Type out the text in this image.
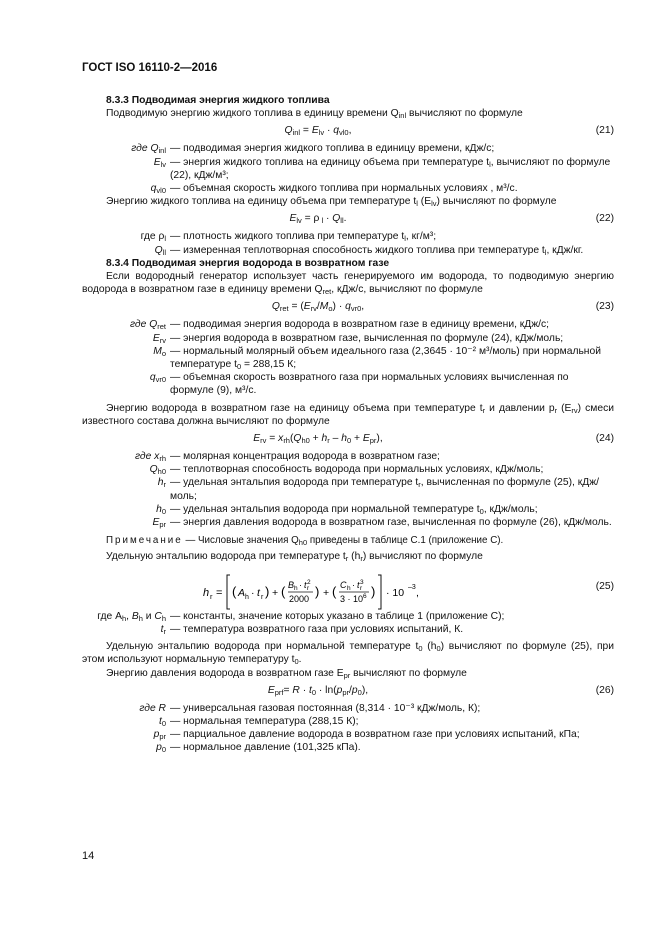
ГОСТ ISO 16110-2—2016

8.3.3 Подводимая энергия жидкого топлива

Подводимую энергию жидкого топлива в единицу времени $Q_{inl}$ вычисляют по формуле

$Q_{inl} = E_{lv} \cdot q_{vl0}$,	(21)
где $Q_{inl}$ — подводимая энергия жидкого топлива в единицу времени, кДж/с;
$E_{lv}$ — энергия жидкого топлива на единицу объема при температуре $t_l$, вычисляют по формуле (22), кДж/м³;
$q_{vl0}$ — объемная скорость жидкого топлива при нормальных условиях , м³/с.

Энергию жидкого топлива на единицу объема при температуре $t_l$ $(E_{lv})$ вычисляют по формуле

$E_{lv} = \rho$ $_l \cdot Q_{ll}$.	(22)
где $\rho_l$ — плотность жидкого топлива при температуре $t_l$, кг/м³;
$Q_{ll}$ — измеренная теплотворная способность жидкого топлива при температуре $t_l$, кДж/кг.

8.3.4 Подводимая энергия водорода в возвратном газе

Если водородный генератор использует часть генерируемого им водорода, то подводимую энергию водорода в возвратном газе в единицу времени $Q_{ret}$, кДж/с, вычисляют по формуле

$Q_{ret} = (E_{rv}/M_o) \cdot q_{vr0}$,	(23)
где $Q_{ret}$ — подводимая энергия водорода в возвратном газе в единицу времени, кДж/с;
$E_{rv}$ — энергия водорода в возвратном газе, вычисленная по формуле (24), кДж/моль;
$M_o$ — нормальный молярный объем идеального газа (2,3645 · 10⁻² м³/моль) при нормальной температуре $t_0 = 288,15$ К;
$q_{vr0}$ — объемная скорость возвратного газа при нормальных условиях вычисленная по формуле (9), м³/с.

Энергию водорода в возвратном газе на единицу объема при температуре $t_r$ и давлении $p_r$ $(E_{rv})$ смеси известного состава должна вычисляют по формуле

$E_{rv} = x_{rh}(Q_{h0} + h_r - h_0 + E_{pr})$,	(24)
где $x_{rh}$ — молярная концентрация водорода в возвратном газе;
$Q_{h0}$ — теплотворная способность водорода при нормальных условиях, кДж/моль;
$h_r$ — удельная энтальпия водорода при температуре $t_r$, вычисленная по формуле (25), кДж/моль;
$h_0$ — удельная энтальпия водорода при нормальной температуре $t_0$, кДж/моль;
$E_{pr}$ — энергия давления водорода в возвратном газе, вычисленная по формуле (26), кДж/моль.
Примечание — Числовые значения $Q_{h0}$ приведены в таблице С.1 (приложение С).

Удельную энтальпию водорода при температуре $t_r$ $(h_r)$ вычисляют по формуле

h r = ( A h · t r ) + ( B h · t 2
r
2000 ) + ( C h · t 3
r
3 · 10 6 ) · 10 –3 ,
(25)
где $A_h$, $B_h$ и $C_h$ — константы, значение которых указано в таблице 1 (приложение С);
$t_r$ — температура возвратного газа при условиях испытаний, К.

Удельную энтальпию водорода при нормальной температуре $t_0$ $(h_0)$ вычисляют по формуле (25), при этом используют нормальную температуру $t_0$.

Энергию давления водорода в возвратном газе $E_{pr}$ вычисляют по формуле

$E_{prf}= R \cdot t_0 \cdot \ln(p_{pr}/p_0)$,	(26)
где R — универсальная газовая постоянная (8,314 · 10⁻³ кДж/моль, К);
$t_0$ — нормальная температура (288,15 К);
$p_{pr}$ — парциальное давление водорода в возвратном газе при условиях испытаний, кПа;
$p_0$ — нормальное давление (101,325 кПа).
14
